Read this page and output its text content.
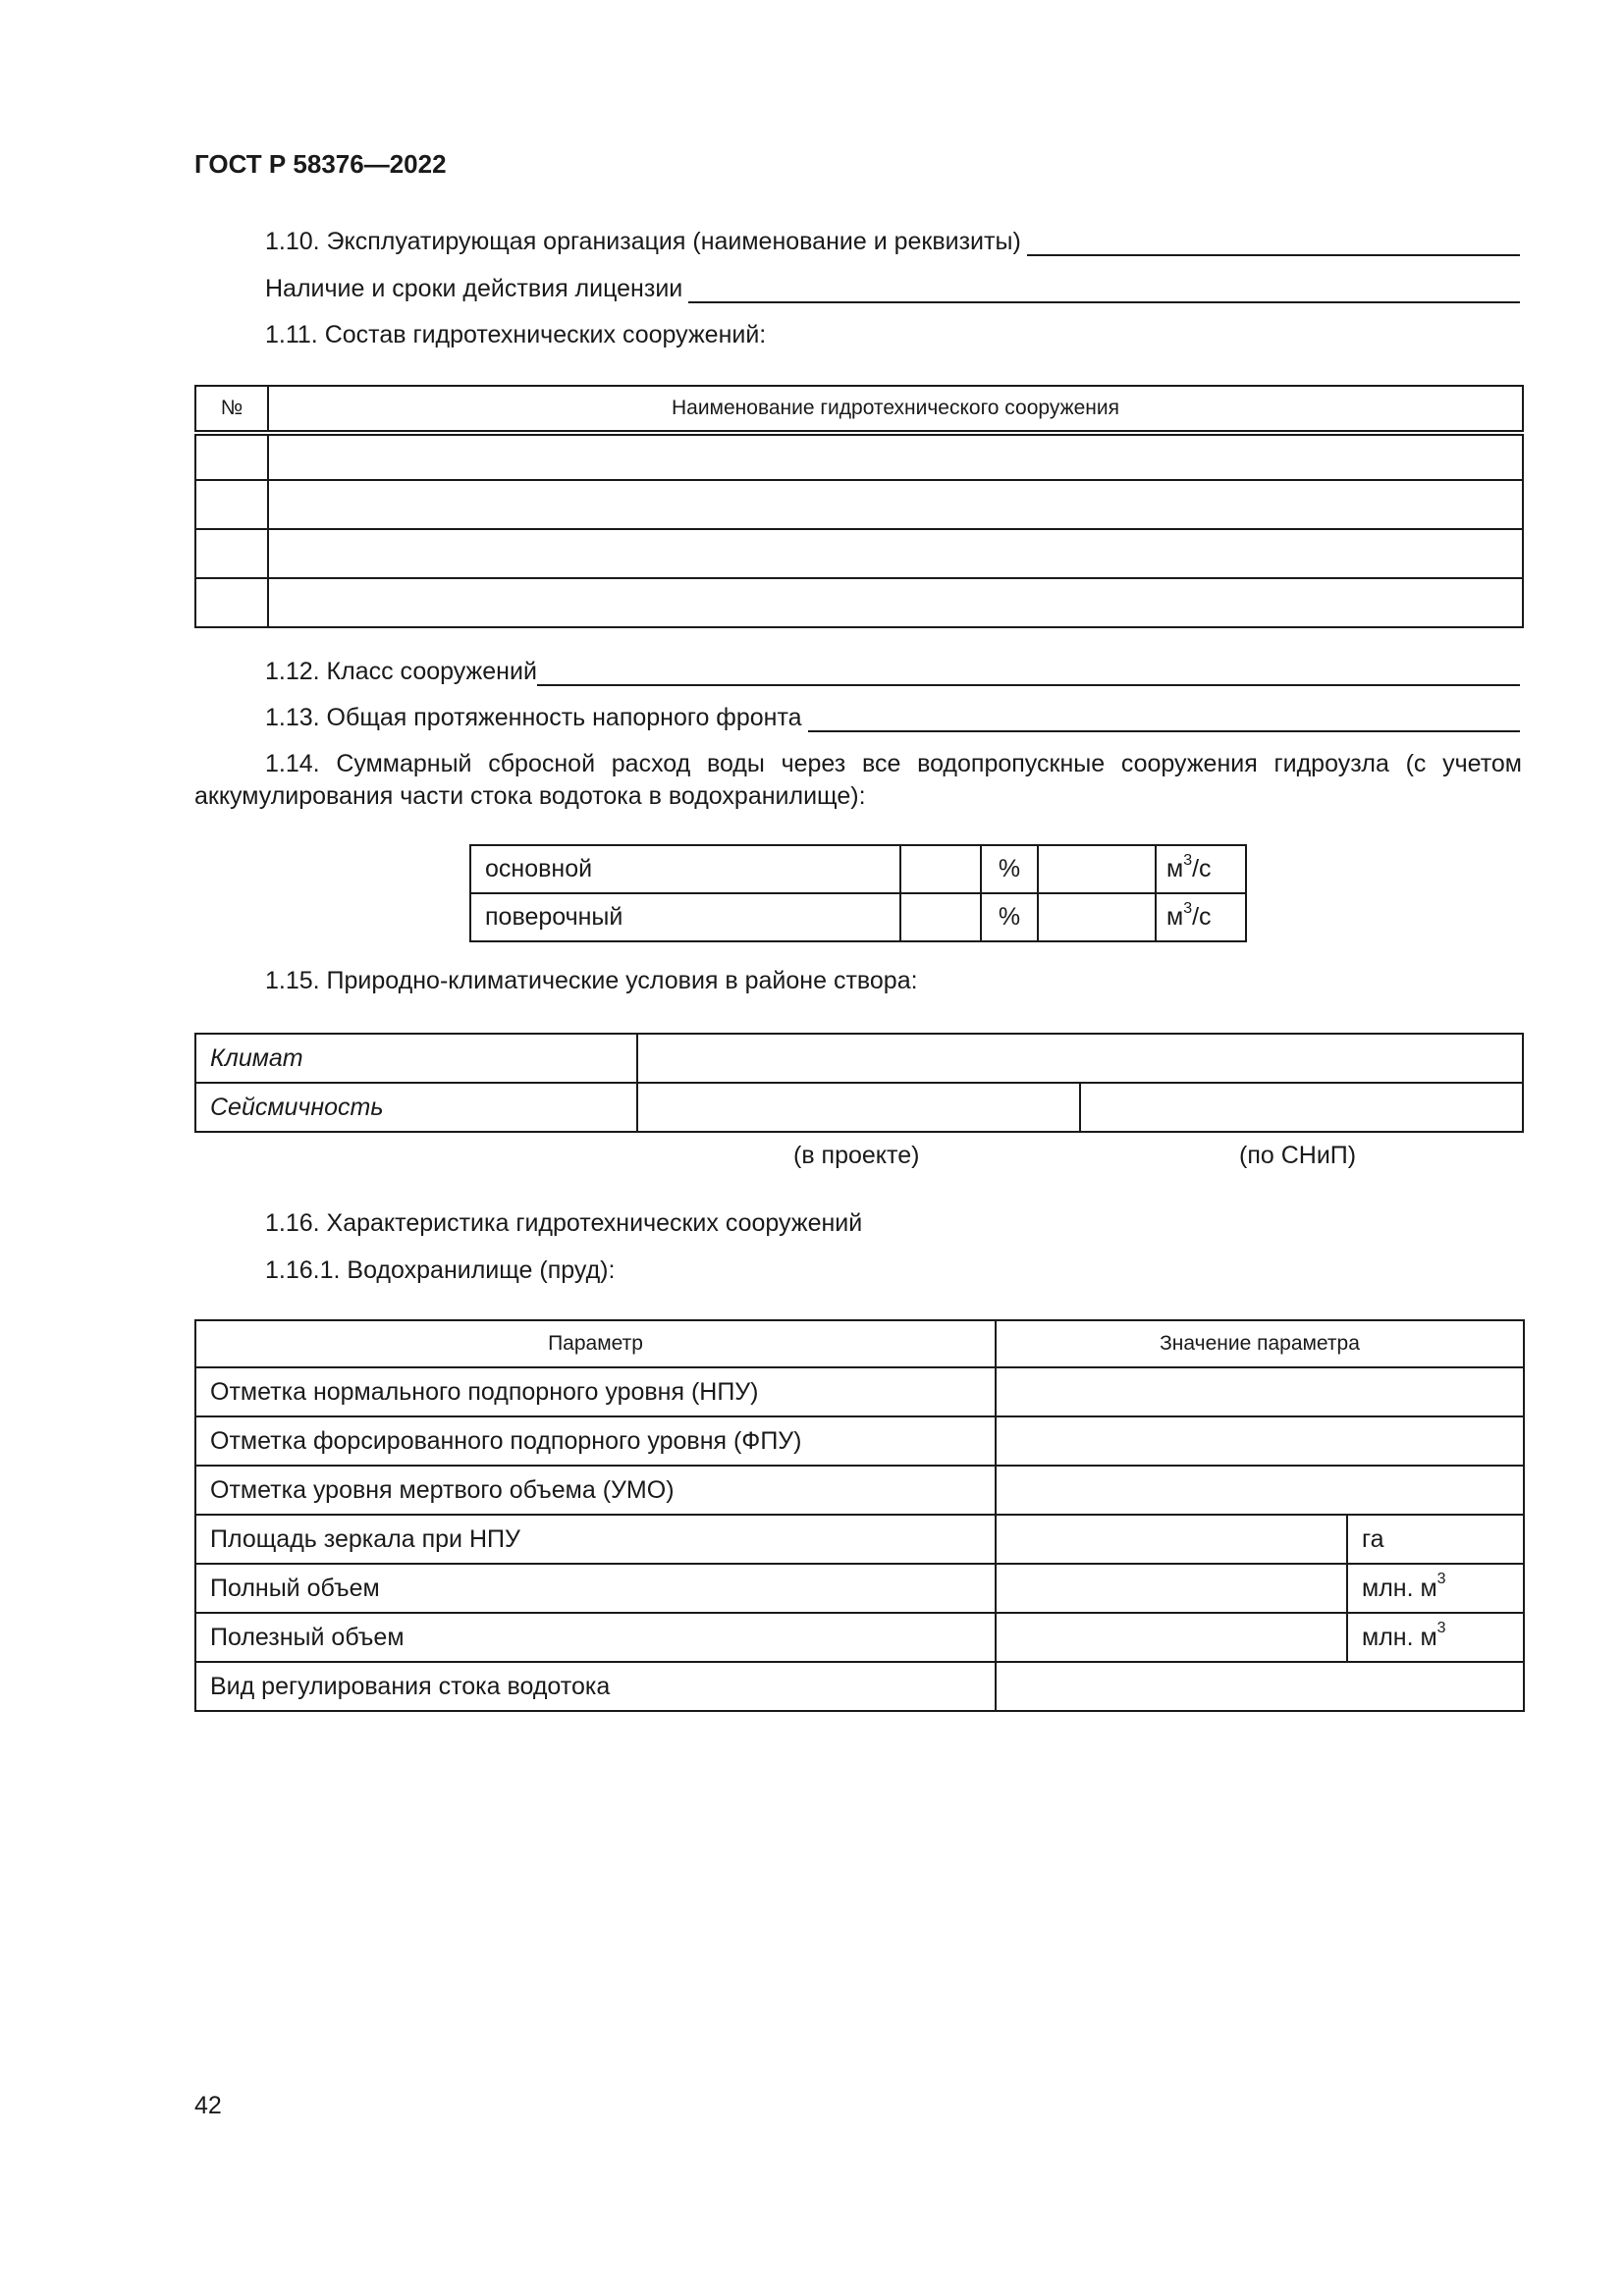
ГОСТ Р 58376—2022
1.10. Эксплуатирующая организация (наименование и реквизиты)
Наличие и сроки действия лицензии
1.11. Состав гидротехнических сооружений:
№	Наименование гидротехнического сооружения

1.12. Класс сооружений
1.13. Общая протяженность напорного фронта
1.14. Суммарный сбросной расход воды через все водопропускные сооружения гидроузла (с учетом аккумулирования части стока водотока в водохранилище):
основной		%		$м^3/с$
поверочный		%		$м^3/с$
1.15. Природно-климатические условия в районе створа:
Климат		
Сейсмичность		
(в проекте)	(по СНиП)
1.16. Характеристика гидротехнических сооружений
1.16.1. Водохранилище (пруд):
Параметр	Значение параметра	
Отметка нормального подпорного уровня (НПУ)		
Отметка форсированного подпорного уровня (ФПУ)		
Отметка уровня мертвого объема (УМО)		
Площадь зеркала при НПУ		га
Полный объем		млн. $м^3$
Полезный объем		млн. $м^3$
Вид регулирования стока водотока		
42
